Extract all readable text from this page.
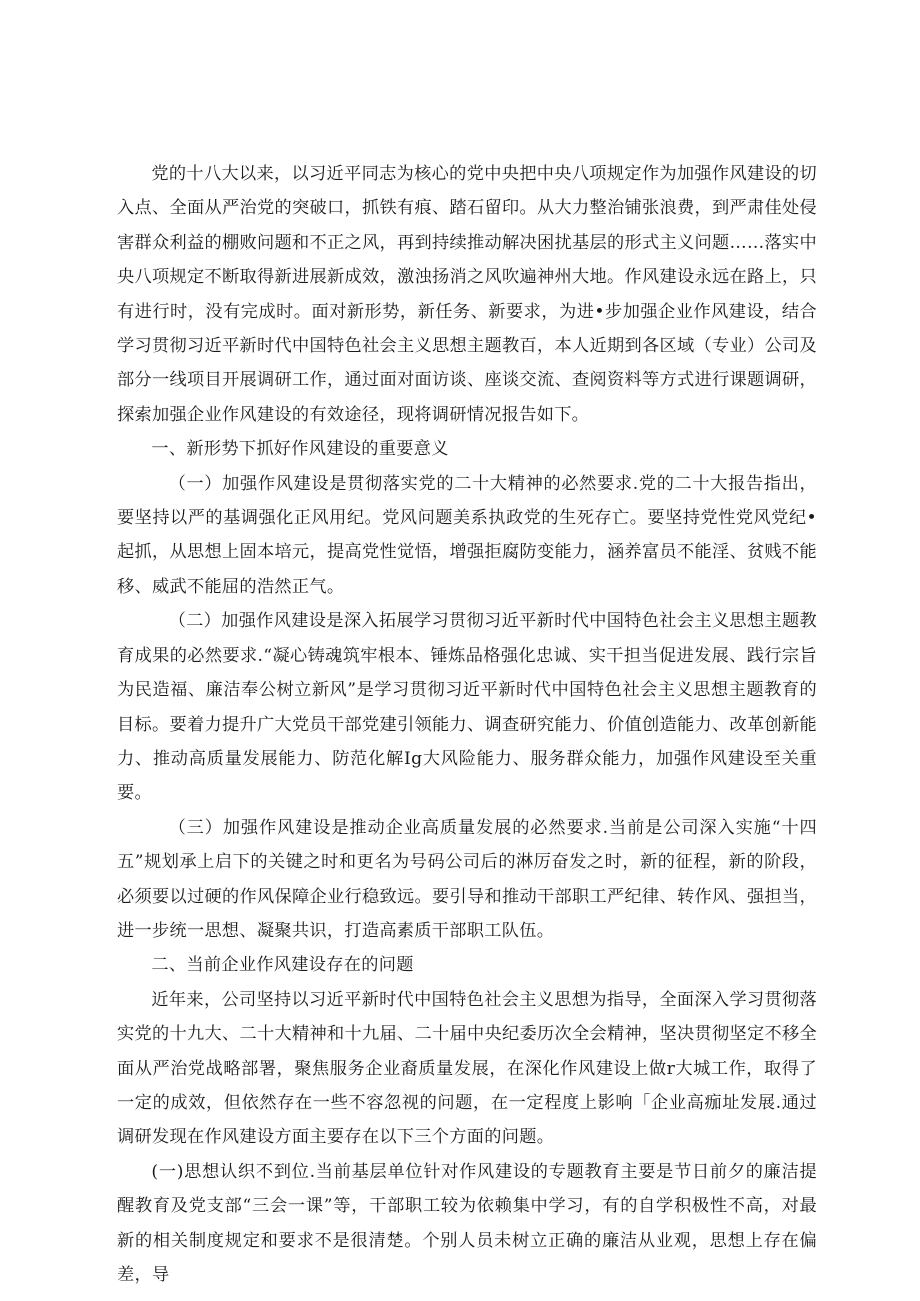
党的十八大以来，以习近平同志为核心的党中央把中央八项规定作为加强作风建设的切入点、全面从严治党的突破口，抓铁有痕、踏石留印。从大力整治铺张浪费，到严肃佳处侵害群众利益的棚败问题和不正之风，再到持续推动解决困扰基层的形式主义问题……落实中央八项规定不断取得新进展新成效，激浊扬消之风吹遍神州大地。作风建设永远在路上，只有进行时，没有完成时。面对新形势，新任务、新要求，为进•步加强企业作风建设，结合学习贯彻习近平新时代中国特色社会主义思想主题教百，本人近期到各区域（专业）公司及部分一线项目开展调研工作，通过面对面访谈、座谈交流、查阅资料等方式进行课题调研，探索加强企业作风建设的有效途径，现将调研情况报告如下。

一、新形势下抓好作风建设的重要意义

（一）加强作风建设是贯彻落实党的二十大精神的必然要求.党的二十大报告指出，要坚持以严的基调强化正风用纪。党风问题美系执政党的生死存亡。要坚持党性党风党纪•起抓，从思想上固本培元，提高党性觉悟，增强拒腐防变能力，涵养富员不能淫、贫贱不能移、威武不能屈的浩然正气。

（二）加强作风建设是深入拓展学习贯彻习近平新时代中国特色社会主义思想主题教育成果的必然要求.“凝心铸魂筑牢根本、锤炼品格强化忠诚、实干担当促进发展、践行宗旨为民造福、廉洁奉公树立新风”是学习贯彻习近平新时代中国特色社会主义思想主题教育的目标。要着力提升广大党员干部党建引领能力、调查研究能力、价值创造能力、改革创新能力、推动高质量发展能力、防范化解Ig大风险能力、服务群众能力，加强作风建设至关重要。

（三）加强作风建设是推动企业高质量发展的必然要求.当前是公司深入实施“十四五”规划承上启下的关键之时和更名为号码公司后的淋厉奋发之时，新的征程，新的阶段，必须要以过硬的作风保障企业行稳致远。要引导和推动干部职工严纪律、转作风、强担当，进一步统一思想、凝聚共识，打造高素质干部职工队伍。

二、当前企业作风建设存在的问题

近年来，公司坚持以习近平新时代中国特色社会主义思想为指导，全面深入学习贯彻落实党的十九大、二十大精神和十九届、二十届中央纪委历次全会精神，坚决贯彻坚定不移全面从严治党战略部署，聚焦服务企业裔质量发展，在深化作风建设上做r大城工作，取得了一定的成效，但依然存在一些不容忽视的问题，在一定程度上影响「企业高痂址发展.通过调研发现在作风建设方面主要存在以下三个方面的问题。

(一)思想认织不到位.当前基层单位针对作风建设的专题教育主要是节日前夕的廉洁提醒教育及党支部“三会一课”等，干部职工较为依赖集中学习，有的自学积极性不高，对最新的相关制度规定和要求不是很清楚。个别人员未树立正确的廉洁从业观，思想上存在偏差，导
